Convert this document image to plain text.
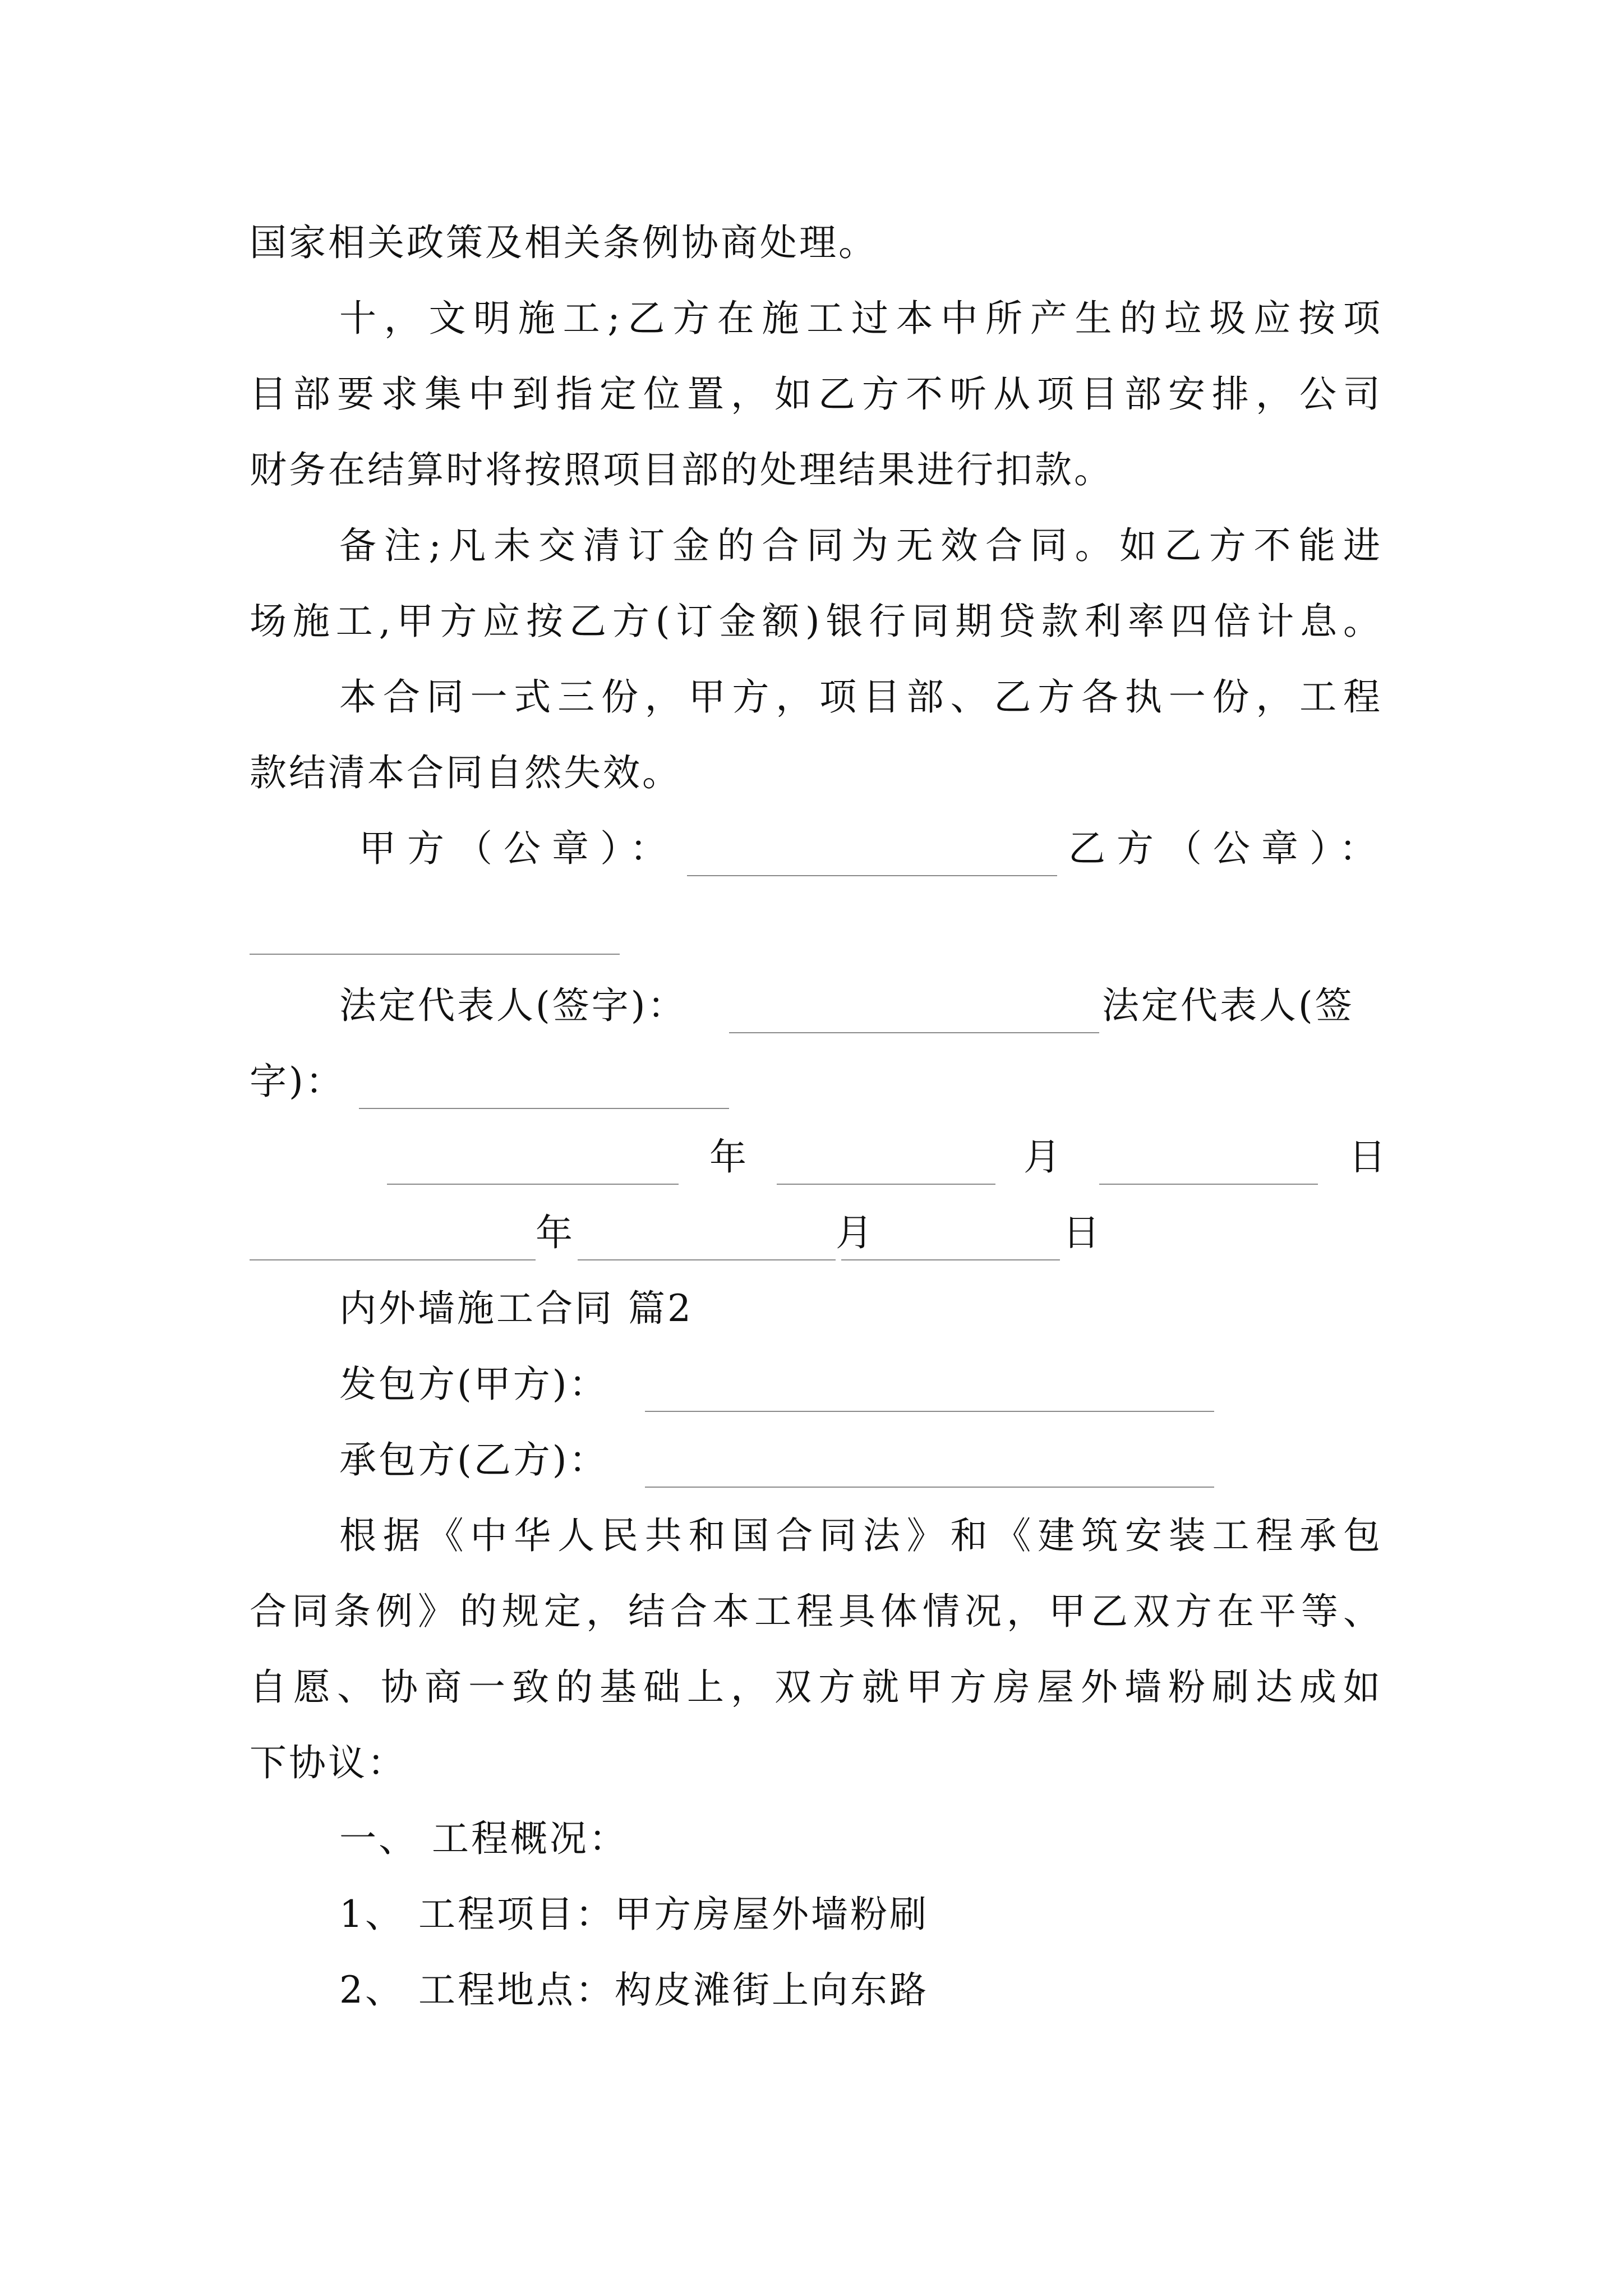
国家相关政策及相关条例协商处理。
十，文明施工;乙方在施工过本中所产生的垃圾应按项
目部要求集中到指定位置，如乙方不听从项目部安排，公司
财务在结算时将按照项目部的处理结果进行扣款。
备注;凡未交清订金的合同为无效合同。如乙方不能进
场施工,甲方应按乙方(订金额)银行同期贷款利率四倍计息。
本合同一式三份，甲方，项目部、乙方各执一份，工程
款结清本合同自然失效。
甲方（公章）：	乙方（公章）：
法定代表人(签字)：	法定代表人(签
字)：
年	月	日
年	月	日
内外墙施工合同 篇2
发包方(甲方)：
承包方(乙方)：
根据《中华人民共和国合同法》和《建筑安装工程承包
合同条例》的规定，结合本工程具体情况，甲乙双方在平等、
自愿、协商一致的基础上，双方就甲方房屋外墙粉刷达成如
下协议：
一、 工程概况：
1、 工程项目：甲方房屋外墙粉刷
2、 工程地点：构皮滩街上向东路
